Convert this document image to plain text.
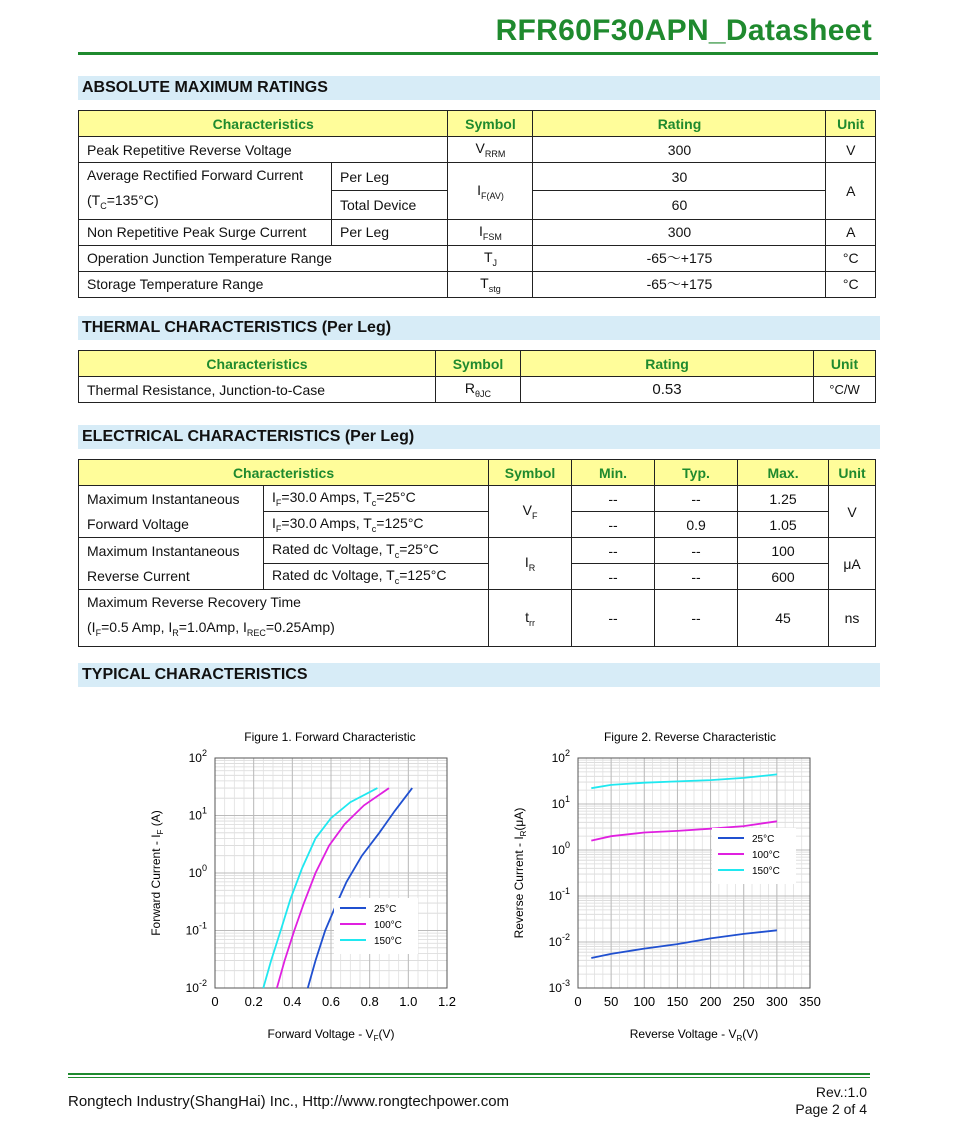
RFR60F30APN_Datasheet
ABSOLUTE MAXIMUM RATINGS
Characteristics		Symbol	Rating	Unit
Peak Repetitive Reverse Voltage		$V_{RRM}$	300	V
Average Rectified Forward Current
$(T_C=135^\circ C)$	Per Leg	$I_{F(AV)}$	30	A
	Total Device		60	
Non Repetitive Peak Surge Current	Per Leg	$I_{FSM}$	300	A
Operation Junction Temperature Range		$T_J$	-65～+175	°C
Storage Temperature Range		$T_{stg}$	-65～+175	°C
THERMAL CHARACTERISTICS (Per Leg)
Characteristics	Symbol	Rating	Unit
Thermal Resistance, Junction-to-Case	$R_{\theta JC}$	0.53	°C/W
ELECTRICAL CHARACTERISTICS (Per Leg)
Characteristics		Symbol	Min.	Typ.	Max.	Unit
Maximum Instantaneous
Forward Voltage	$I_F=30.0$ Amps, $T_c=25^\circ C$	$V_F$	--	--	1.25	V
	$I_F=30.0$ Amps, $T_c=125^\circ C$		--	0.9	1.05	
Maximum Instantaneous
Reverse Current	Rated dc Voltage, $T_c=25^\circ C$	$I_R$	--	--	100	μA
	Rated dc Voltage, $T_c=125^\circ C$		--	--	600	
Maximum Reverse Recovery Time
($I_F=0.5$ Amp, $I_R=1.0Amp$, $I_{REC}=0.25Amp$)		$t_{rr}$	--	--	45	ns
TYPICAL CHARACTERISTICS
Figure 1. Forward Characteristic
$10^2$
$10^1$
$10^0$
$10^{-1}$
$10^{-2}$
0 0.2 0.4 0.6 0.8 1.0 1.2
25°C
100°C
150°C
Forward Voltage - $V_F(V)$
Forward Current - $I_F$ (A)
Figure 2. Reverse Characteristic
$10^2$
$10^1$
$10^0$
$10^{-1}$
$10^{-2}$
$10^{-3}$
0 50 100 150 200 250 300 350
25°C
100°C
150°C
Reverse Voltage - $V_R(V)$
Reverse Current - $I_R(\mu A)$
Rongtech Industry(ShangHai) Inc., Http://www.rongtechpower.com
Rev.:1.0
Page 2 of 4
